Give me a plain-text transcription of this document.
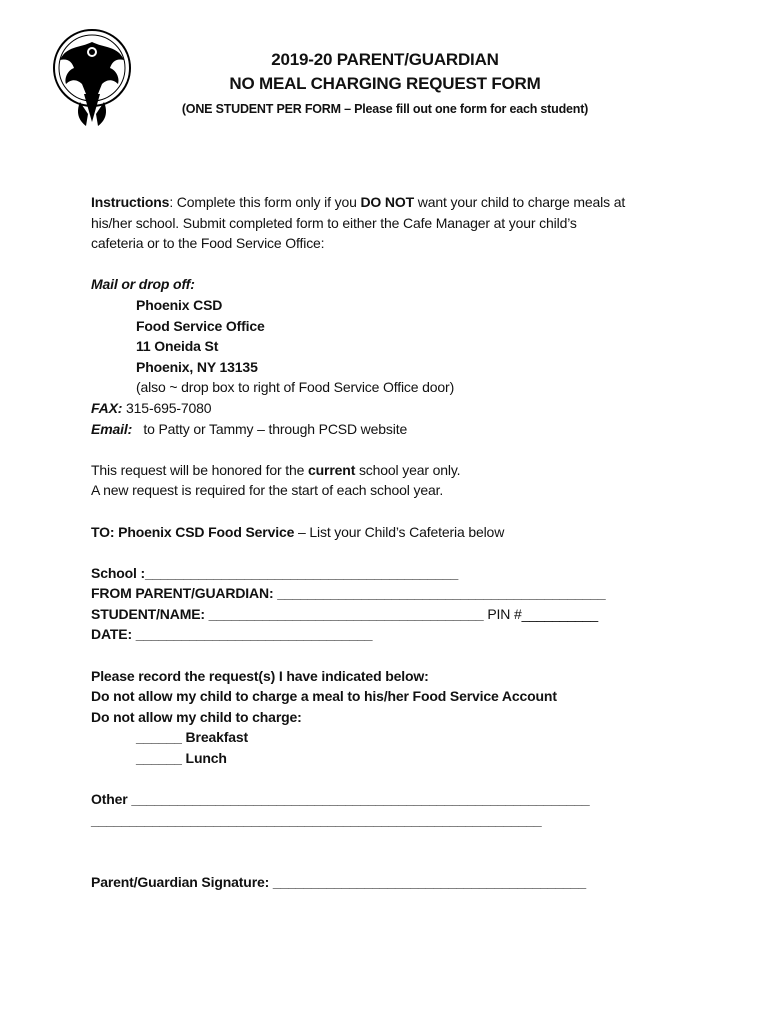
2019-20 PARENT/GUARDIAN
NO MEAL CHARGING REQUEST FORM
(ONE STUDENT PER FORM – Please fill out one form for each student)

Instructions: Complete this form only if you DO NOT want your child to charge meals at

his/her school. Submit completed form to either the Cafe Manager at your child’s

cafeteria or to the Food Service Office:

Mail or drop off:

Phoenix CSD

Food Service Office

11 Oneida St

Phoenix, NY 13135

(also ~ drop box to right of Food Service Office door)

FAX: 315-695-7080

Email:   to Patty or Tammy – through PCSD website

This request will be honored for the current school year only.

A new request is required for the start of each school year.

TO: Phoenix CSD Food Service – List your Child’s Cafeteria below

School :_________________________________________

FROM PARENT/GUARDIAN: ___________________________________________

STUDENT/NAME: ____________________________________ PIN #__________

DATE: _______________________________

Please record the request(s) I have indicated below:

Do not allow my child to charge a meal to his/her Food Service Account

Do not allow my child to charge:

______ Breakfast

______ Lunch

Other ____________________________________________________________

___________________________________________________________

Parent/Guardian Signature: _________________________________________
